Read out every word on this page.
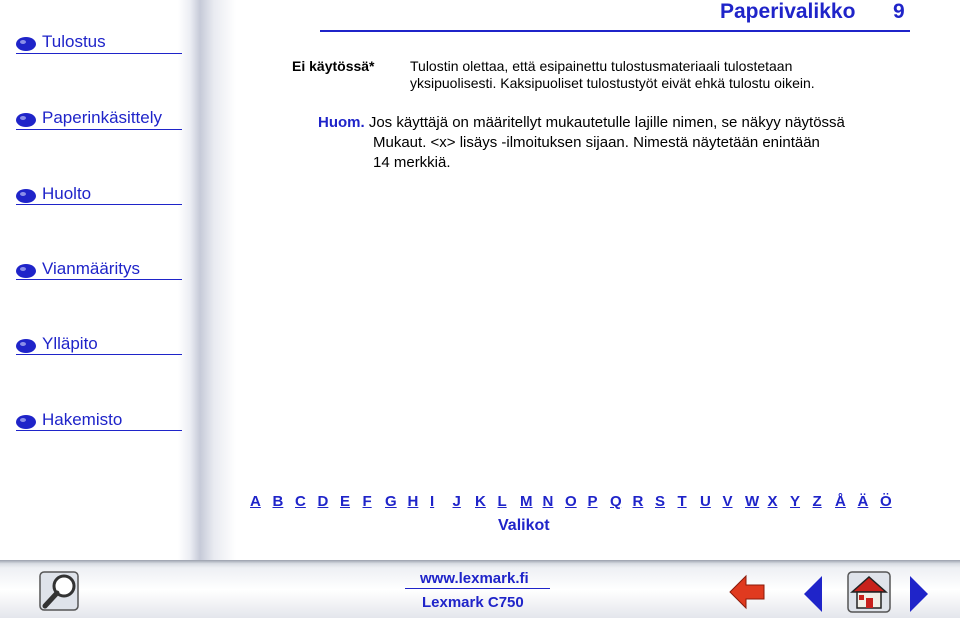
Tulostus
Paperinkäsittely
Huolto
Vianmääritys
Ylläpito
Hakemisto
Paperivalikko 9
Ei käytössä*	Tulostin olettaa, että esipainettu tulostusmateriaali tulostetaan yksipuolisesti. Kaksipuoliset tulostustyöt eivät ehkä tulostu oikein.
Huom. Jos käyttäjä on määritellyt mukautetulle lajille nimen, se näkyy näytössä
Mukaut. <x> lisäys -ilmoituksen sijaan. Nimestä näytetään enintään
14 merkkiä.
A B C D E F G H I	J K L M N O P Q R S T U V W X Y Z Å Ä Ö
Valikot
www.lexmark.fi
Lexmark C750
